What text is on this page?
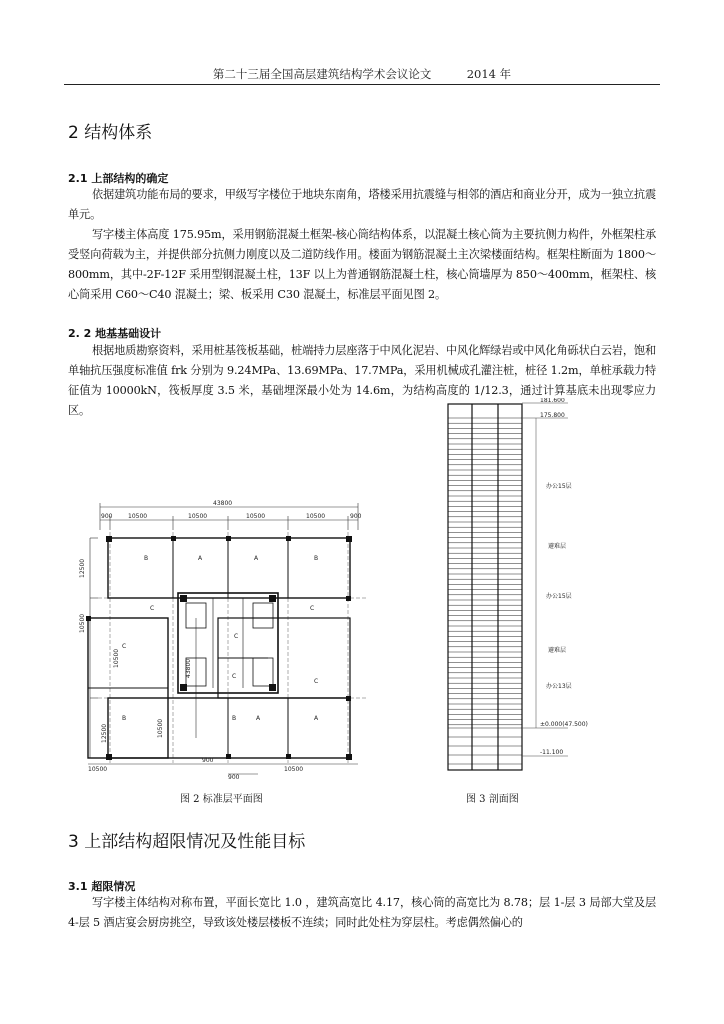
第二十三届全国高层建筑结构学术会议论文	2014 年
2 结构体系
2.1 上部结构的确定

依据建筑功能布局的要求，甲级写字楼位于地块东南角，塔楼采用抗震缝与相邻的酒店和商业分开，成为一独立抗震单元。

写字楼主体高度 175.95m，采用钢筋混凝土框架-核心筒结构体系，以混凝土核心筒为主要抗侧力构件，外框架柱承受竖向荷载为主，并提供部分抗侧力刚度以及二道防线作用。楼面为钢筋混凝土主次梁楼面结构。框架柱断面为 1800～800mm，其中-2F-12F 采用型钢混凝土柱，13F 以上为普通钢筋混凝土柱，核心筒墙厚为 850～400mm，框架柱、核心筒采用 C60～C40 混凝土；梁、板采用 C30 混凝土，标准层平面见图 2。

2. 2 地基基础设计

根据地质勘察资料，采用桩基筏板基础，桩端持力层座落于中风化泥岩、中风化辉绿岩或中风化角砾状白云岩，饱和单轴抗压强度标准值 frk 分别为 9.24MPa、13.69MPa、17.7MPa，采用机械成孔灌注桩，桩径 1.2m，单桩承载力特征值为 10000kN，筏板厚度 3.5 米，基础埋深最小处为 14.6m，为结构高度的 1/12.3，通过计算基底未出现零应力区。

43800
900	10500	10500	10500	10500	900
12500
10500
43800
10500
12500	10500
10500
900
10500
900
B	A	A	B
C	C
C
C
C
C
B	A	A
B
图 2 标准层平面图
181.600
175.800
±0.000(47.500)
-11.100
办公15层
避难层
办公15层
避难层
办公13层
图 3 剖面图
3 上部结构超限情况及性能目标
3.1 超限情况

写字楼主体结构对称布置，平面长宽比 1.0 ，建筑高宽比 4.17，核心筒的高宽比为 8.78；层 1-层 3 局部大堂及层 4-层 5 酒店宴会厨房挑空，导致该处楼层楼板不连续；同时此处柱为穿层柱。考虑偶然偏心的
